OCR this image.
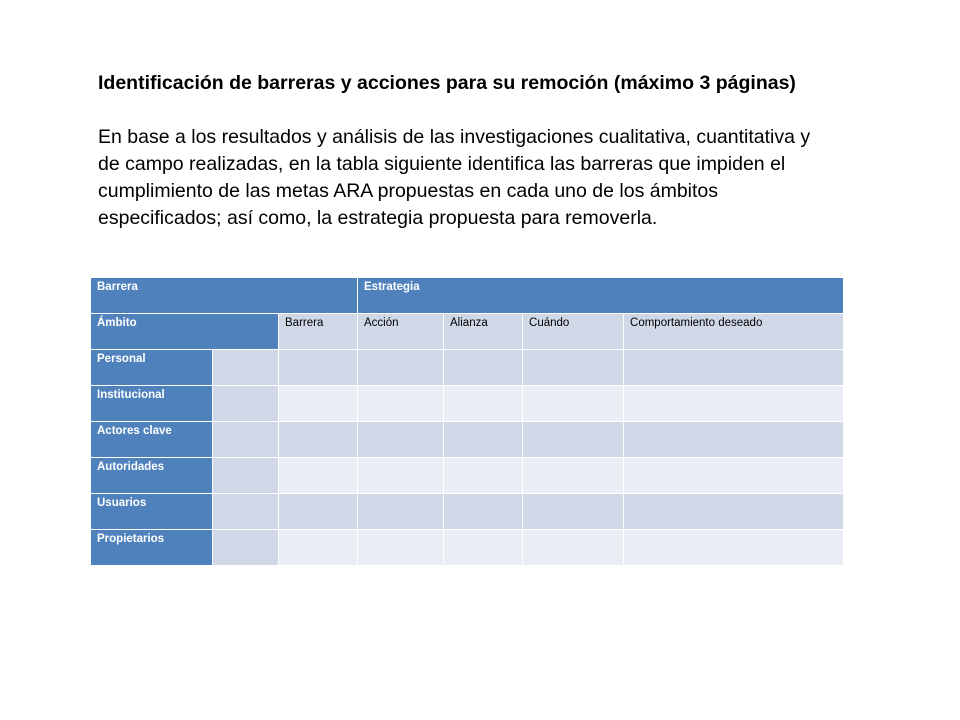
Identificación de barreras y acciones para su remoción (máximo 3 páginas)
En base a los resultados y análisis de las investigaciones cualitativa, cuantitativa y
de campo realizadas, en la tabla siguiente identifica las barreras que impiden el
cumplimiento de las metas ARA propuestas en cada uno de los ámbitos
especificados; así como, la estrategia propuesta para removerla.
Barrera			Estrategia			
Ámbito		Barrera	Acción	Alianza	Cuándo	Comportamiento deseado
Personal						
Institucional						
Actores clave						
Autoridades						
Usuarios						
Propietarios						
